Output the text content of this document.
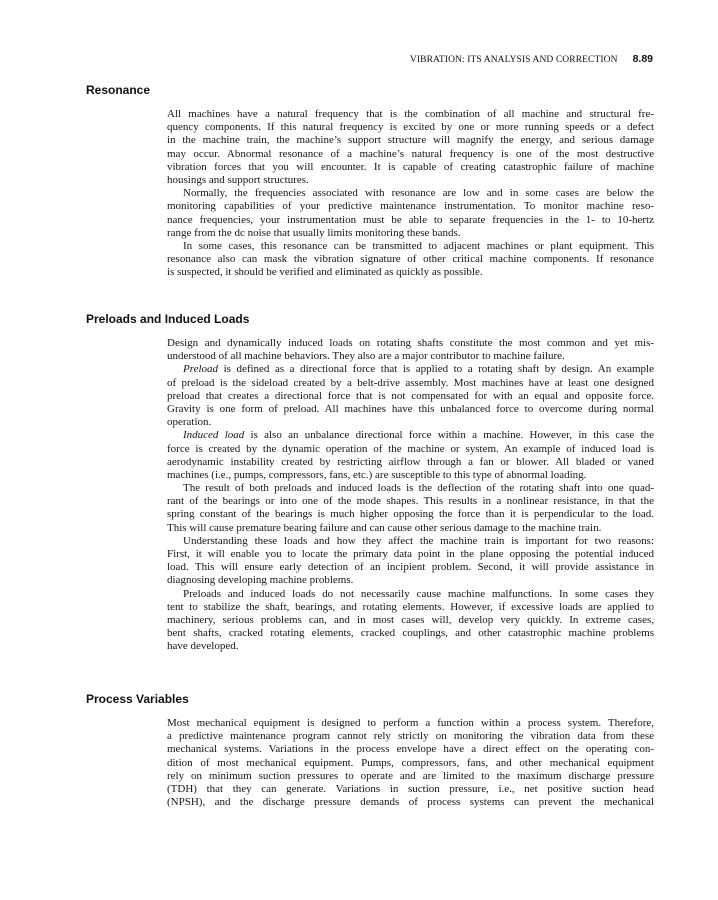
VIBRATION: ITS ANALYSIS AND CORRECTION 8.89
Resonance
All machines have a natural frequency that is the combination of all machine and structural fre-
quency components. If this natural frequency is excited by one or more running speeds or a defect
in the machine train, the machine’s support structure will magnify the energy, and serious damage
may occur. Abnormal resonance of a machine’s natural frequency is one of the most destructive
vibration forces that you will encounter. It is capable of creating catastrophic failure of machine
housings and support structures.
Normally, the frequencies associated with resonance are low and in some cases are below the
monitoring capabilities of your predictive maintenance instrumentation. To monitor machine reso-
nance frequencies, your instrumentation must be able to separate frequencies in the 1- to 10-hertz
range from the dc noise that usually limits monitoring these bands.
In some cases, this resonance can be transmitted to adjacent machines or plant equipment. This
resonance also can mask the vibration signature of other critical machine components. If resonance
is suspected, it should be verified and eliminated as quickly as possible.
Preloads and Induced Loads
Design and dynamically induced loads on rotating shafts constitute the most common and yet mis-
understood of all machine behaviors. They also are a major contributor to machine failure.
Preload is defined as a directional force that is applied to a rotating shaft by design. An example
of preload is the sideload created by a belt-drive assembly. Most machines have at least one designed
preload that creates a directional force that is not compensated for with an equal and opposite force.
Gravity is one form of preload. All machines have this unbalanced force to overcome during normal
operation.
Induced load is also an unbalance directional force within a machine. However, in this case the
force is created by the dynamic operation of the machine or system. An example of induced load is
aerodynamic instability created by restricting airflow through a fan or blower. All bladed or vaned
machines (i.e., pumps, compressors, fans, etc.) are susceptible to this type of abnormal loading.
The result of both preloads and induced loads is the deflection of the rotating shaft into one quad-
rant of the bearings or into one of the mode shapes. This results in a nonlinear resistance, in that the
spring constant of the bearings is much higher opposing the force than it is perpendicular to the load.
This will cause premature bearing failure and can cause other serious damage to the machine train.
Understanding these loads and how they affect the machine train is important for two reasons:
First, it will enable you to locate the primary data point in the plane opposing the potential induced
load. This will ensure early detection of an incipient problem. Second, it will provide assistance in
diagnosing developing machine problems.
Preloads and induced loads do not necessarily cause machine malfunctions. In some cases they
tent to stabilize the shaft, bearings, and rotating elements. However, if excessive loads are applied to
machinery, serious problems can, and in most cases will, develop very quickly. In extreme cases,
bent shafts, cracked rotating elements, cracked couplings, and other catastrophic machine problems
have developed.
Process Variables
Most mechanical equipment is designed to perform a function within a process system. Therefore,
a predictive maintenance program cannot rely strictly on monitoring the vibration data from these
mechanical systems. Variations in the process envelope have a direct effect on the operating con-
dition of most mechanical equipment. Pumps, compressors, fans, and other mechanical equipment
rely on minimum suction pressures to operate and are limited to the maximum discharge pressure
(TDH) that they can generate. Variations in suction pressure, i.e., net positive suction head
(NPSH), and the discharge pressure demands of process systems can prevent the mechanical
